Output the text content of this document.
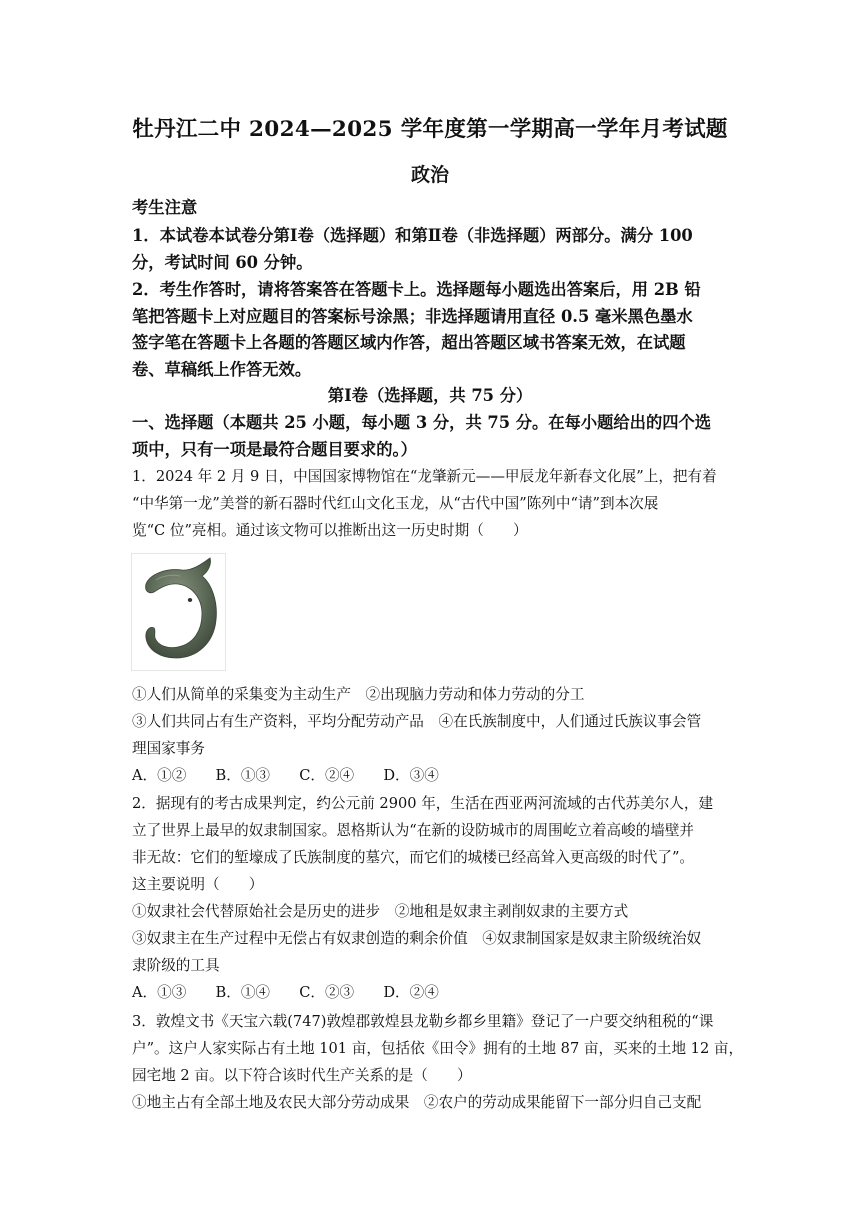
牡丹江二中 2024—2025 学年度第一学期高一学年月考试题
政治
考生注意
1．本试卷本试卷分第Ⅰ卷（选择题）和第Ⅱ卷（非选择题）两部分。满分 100
分，考试时间 60 分钟。
2．考生作答时，请将答案答在答题卡上。选择题每小题选出答案后，用 2B 铅
笔把答题卡上对应题目的答案标号涂黑；非选择题请用直径 0.5 毫米黑色墨水
签字笔在答题卡上各题的答题区域内作答，超出答题区域书答案无效，在试题
卷、草稿纸上作答无效。
第Ⅰ卷（选择题，共 75 分）
一、选择题（本题共 25 小题，每小题 3 分，共 75 分。在每小题给出的四个选
项中，只有一项是最符合题目要求的。）
1．2024 年 2 月 9 日，中国国家博物馆在“龙肇新元——甲辰龙年新春文化展”上，把有着
“中华第一龙”美誉的新石器时代红山文化玉龙，从“古代中国”陈列中“请”到本次展
览“C 位”亮相。通过该文物可以推断出这一历史时期（　　）
①人们从简单的采集变为主动生产　②出现脑力劳动和体力劳动的分工
③人们共同占有生产资料，平均分配劳动产品　④在氏族制度中，人们通过氏族议事会管
理国家事务
A．①②　　B．①③　　C．②④　　D．③④
2．据现有的考古成果判定，约公元前 2900 年，生活在西亚两河流域的古代苏美尔人，建
立了世界上最早的奴隶制国家。恩格斯认为“在新的设防城市的周围屹立着高峻的墙壁并
非无故：它们的堑壕成了氏族制度的墓穴，而它们的城楼已经高耸入更高级的时代了”。
这主要说明（　　）
①奴隶社会代替原始社会是历史的进步　②地租是奴隶主剥削奴隶的主要方式
③奴隶主在生产过程中无偿占有奴隶创造的剩余价值　④奴隶制国家是奴隶主阶级统治奴
隶阶级的工具
A．①③　　B．①④　　C．②③　　D．②④
3．敦煌文书《天宝六载(747)敦煌郡敦煌县龙勒乡都乡里籍》登记了一户要交纳租税的“课
户”。这户人家实际占有土地 101 亩，包括依《田令》拥有的土地 87 亩，买来的土地 12 亩，
园宅地 2 亩。以下符合该时代生产关系的是（　　）
①地主占有全部土地及农民大部分劳动成果　②农户的劳动成果能留下一部分归自己支配
